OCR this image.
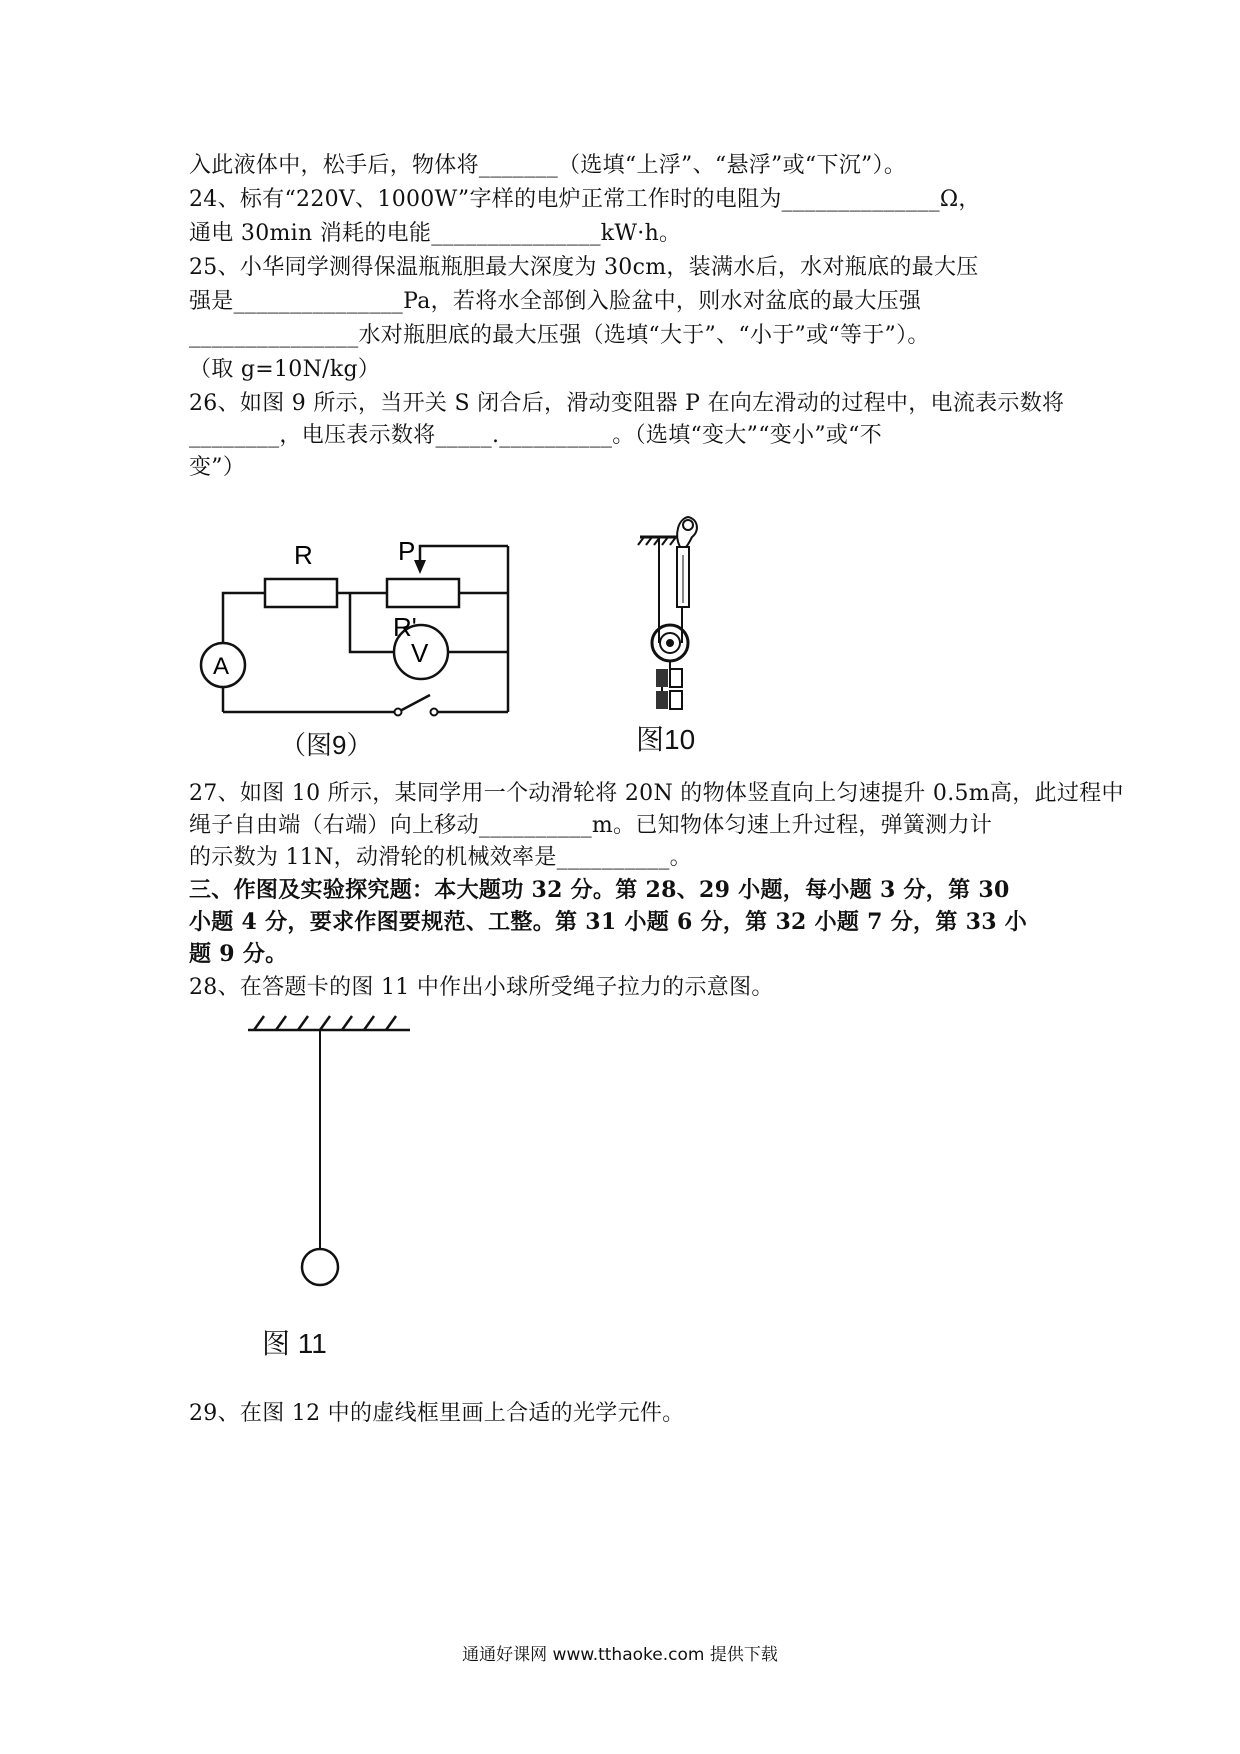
入此液体中，松手后，物体将_______（选填“上浮”、“悬浮”或“下沉”）。
24、标有“220V、1000W”字样的电炉正常工作时的电阻为______________Ω，
通电 30min 消耗的电能_______________kW·h。
25、小华同学测得保温瓶瓶胆最大深度为 30cm，装满水后，水对瓶底的最大压
强是_______________Pa，若将水全部倒入脸盆中，则水对盆底的最大压强
_______________水对瓶胆底的最大压强（选填“大于”、“小于”或“等于”）。
（取 g=10N/kg）
26、如图 9 所示，当开关 S 闭合后，滑动变阻器 P 在向左滑动的过程中，电流表示数将
________，电压表示数将_____.__________。（选填“变大”“变小”或“不
变”）
R	P
R'
A	V
（图9）	图10
27、如图 10 所示，某同学用一个动滑轮将 20N 的物体竖直向上匀速提升 0.5m高，此过程中
绳子自由端（右端）向上移动__________m。已知物体匀速上升过程，弹簧测力计
的示数为 11N，动滑轮的机械效率是__________。
三、作图及实验探究题：本大题功 32 分。第 28、29 小题，每小题 3 分，第 30
小题 4 分，要求作图要规范、工整。第 31 小题 6 分，第 32 小题 7 分，第 33 小
题 9 分。
28、在答题卡的图 11 中作出小球所受绳子拉力的示意图。
图 11
29、在图 12 中的虚线框里画上合适的光学元件。
通通好课网 www.tthaoke.com 提供下载
